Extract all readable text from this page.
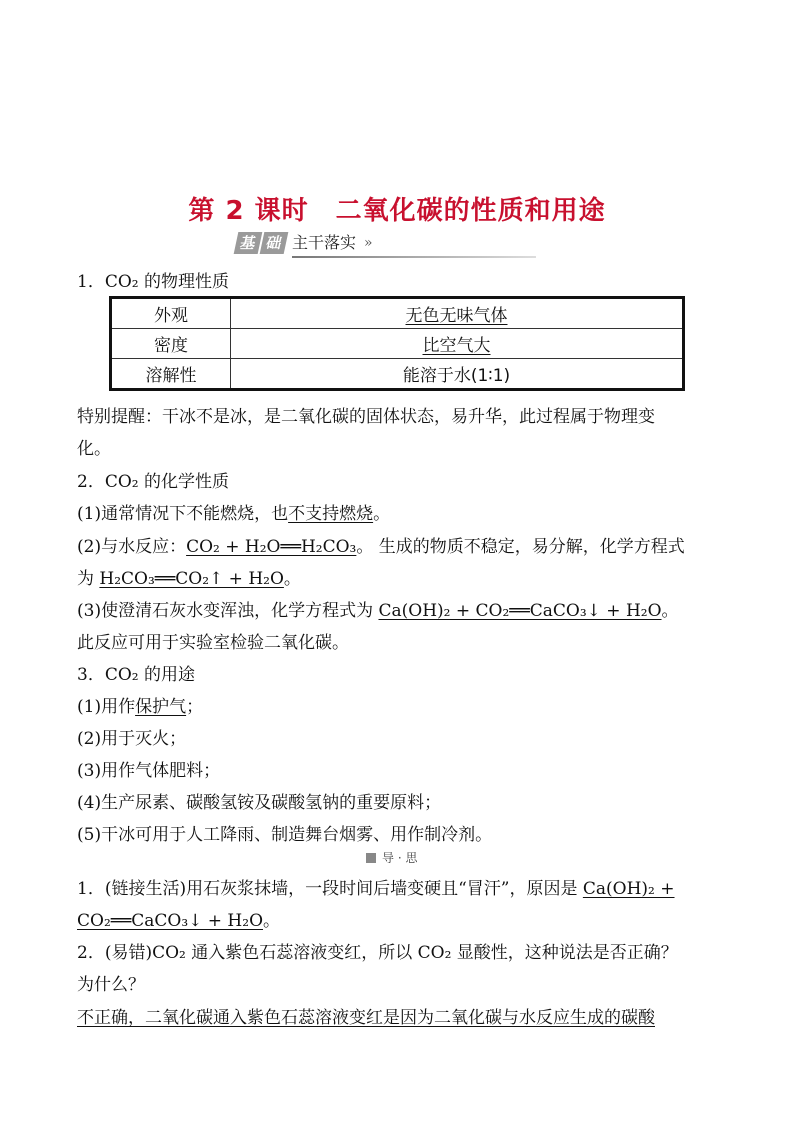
第 2 课时　二氧化碳的性质和用途
基 础 主干落实 »
1．CO₂ 的物理性质
外观	无色无味气体
密度	比空气大
溶解性	能溶于水(1∶1)
特别提醒：干冰不是冰，是二氧化碳的固体状态，易升华，此过程属于物理变
化。
2．CO₂ 的化学性质
(1)通常情况下不能燃烧，也不支持燃烧。
(2)与水反应：CO₂ + H₂O══H₂CO₃。 生成的物质不稳定，易分解，化学方程式
为 H₂CO₃══CO₂↑ + H₂O。
(3)使澄清石灰水变浑浊，化学方程式为 Ca(OH)₂ + CO₂══CaCO₃↓ + H₂O。
此反应可用于实验室检验二氧化碳。
3．CO₂ 的用途
(1)用作保护气；
(2)用于灭火；
(3)用作气体肥料；
(4)生产尿素、碳酸氢铵及碳酸氢钠的重要原料；
(5)干冰可用于人工降雨、制造舞台烟雾、用作制冷剂。
导 · 思
1．(链接生活)用石灰浆抹墙，一段时间后墙变硬且“冒汗”，原因是 Ca(OH)₂ +
CO₂══CaCO₃↓ + H₂O。
2．(易错)CO₂ 通入紫色石蕊溶液变红，所以 CO₂ 显酸性，这种说法是否正确？
为什么？
不正确，二氧化碳通入紫色石蕊溶液变红是因为二氧化碳与水反应生成的碳酸
